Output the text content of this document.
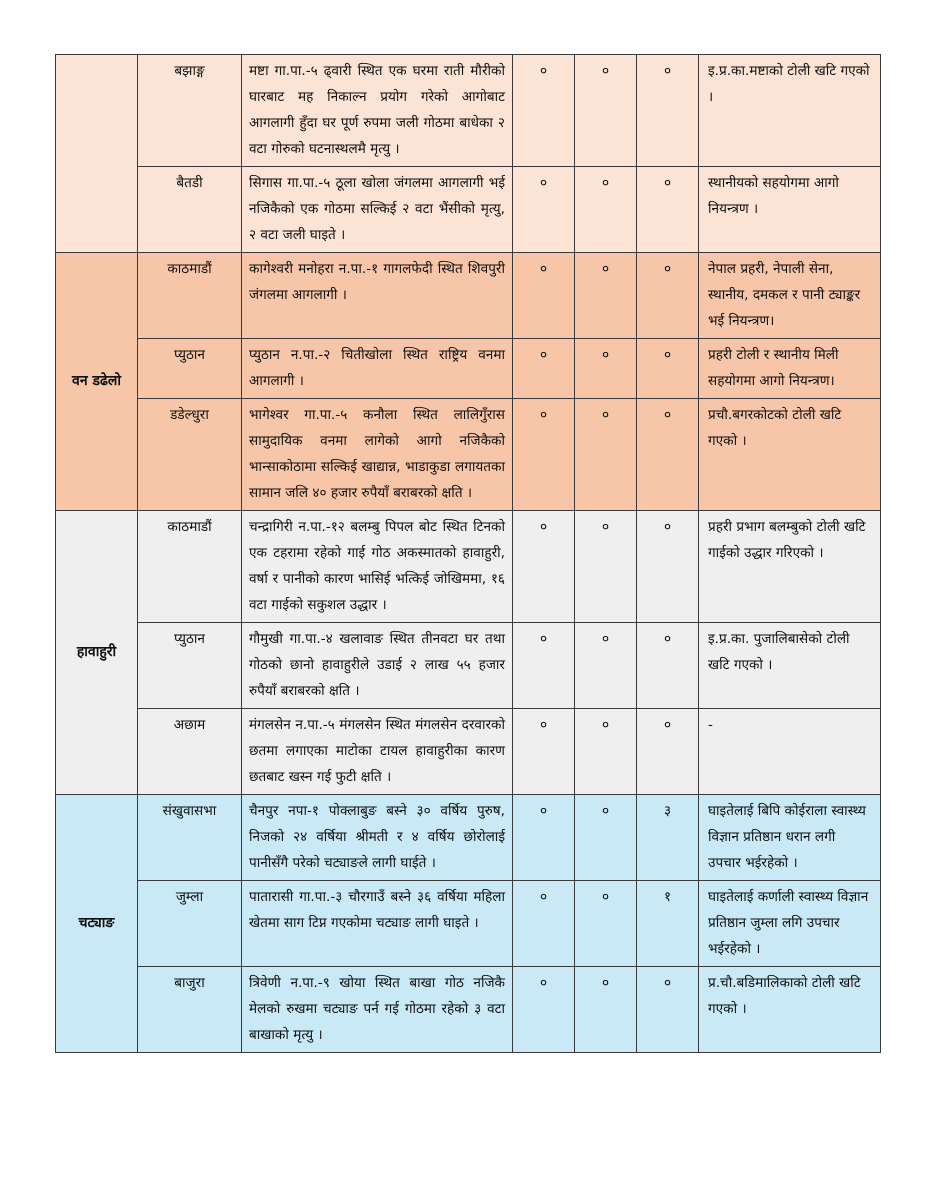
	बझाङ्ग	मष्टा गा.पा.-५ ढ्वारी स्थित एक घरमा राती मौरीको घारबाट मह निकाल्न प्रयोग गरेको आगोबाट आगलागी हुँदा घर पूर्ण रुपमा जली गोठमा बाधेका २ वटा गोरुको घटनास्थलमै मृत्यु ।	०	०	०	इ.प्र.का.मष्टाको टोली खटि गएको ।
	बैतडी	सिगास गा.पा.-५ ठूला खोला जंगलमा आगलागी भई नजिकैको एक गोठमा सल्किई २ वटा भैंसीको मृत्यु, २ वटा जली घाइते ।	०	०	०	स्थानीयको सहयोगमा आगो नियन्त्रण ।
वन डढेलो	काठमाडौं	कागेश्वरी मनोहरा न.पा.-१ गागलफेदी स्थित शिवपुरी जंगलमा आगलागी ।	०	०	०	नेपाल प्रहरी, नेपाली सेना, स्थानीय, दमकल र पानी ट्याङ्कर भई नियन्त्रण।
	प्युठान	प्युठान न.पा.-२ चितीखोला स्थित राष्ट्रिय वनमा आगलागी ।	०	०	०	प्रहरी टोली र स्थानीय मिली सहयोगमा आगो नियन्त्रण।
	डडेल्धुरा	भागेश्वर गा.पा.-५ कनौला स्थित लालिगुँरास सामुदायिक वनमा लागेको आगो नजिकैको भान्साकोठामा सल्किई खाद्यान्न, भाडाकुडा लगायतका सामान जलि ४० हजार रुपैयाँ बराबरको क्षति ।	०	०	०	प्रचौ.बगरकोटको टोली खटि गएको ।
हावाहुरी	काठमाडौं	चन्द्रागिरी न.पा.-१२ बलम्बु पिपल बोट स्थित टिनको एक टहरामा रहेको गाई गोठ अकस्मातको हावाहुरी, वर्षा र पानीको कारण भासिई भत्किई जोखिममा, १६ वटा गाईको सकुशल उद्धार ।	०	०	०	प्रहरी प्रभाग बलम्बुको टोली खटि गाईको उद्धार गरिएको ।
	प्युठान	गौमुखी गा.पा.-४ खलावाङ स्थित तीनवटा घर तथा गोठको छानो हावाहुरीले उडाई २ लाख ५५ हजार रुपैयाँ बराबरको क्षति ।	०	०	०	इ.प्र.का. पुजालिबासेको टोली खटि गएको ।
	अछाम	मंगलसेन न.पा.-५ मंगलसेन स्थित मंगलसेन दरवारको छतमा लगाएका माटोका टायल हावाहुरीका कारण छतबाट खस्न गई फुटी क्षति ।	०	०	०	-
चट्याङ	संखुवासभा	चैनपुर नपा-१ पोक्लाबुङ बस्ने ३० वर्षिय पुरुष, निजको २४ वर्षिया श्रीमती र ४ वर्षिय छोरोलाई पानीसँगै परेको चट्याङले लागी घाईते ।	०	०	३	घाइतेलाई बिपि कोईराला स्वास्थ्य विज्ञान प्रतिष्ठान धरान लगी उपचार भईरहेको ।
	जुम्ला	पातारासी गा.पा.-३ चौरगाउँ बस्ने ३६ वर्षिया महिला खेतमा साग टिप्न गएकोमा चट्याङ लागी घाइते ।	०	०	१	घाइतेलाई कर्णाली स्वास्थ्य विज्ञान प्रतिष्ठान जुम्ला लगि उपचार भईरहेको ।
	बाजुरा	त्रिवेणी न.पा.-९ खोया स्थित बाखा गोठ नजिकै मेलको रुखमा चट्याङ पर्न गई गोठमा रहेको ३ वटा बाखाको मृत्यु ।	०	०	०	प्र.चौ.बडिमालिकाको टोली खटि गएको ।
